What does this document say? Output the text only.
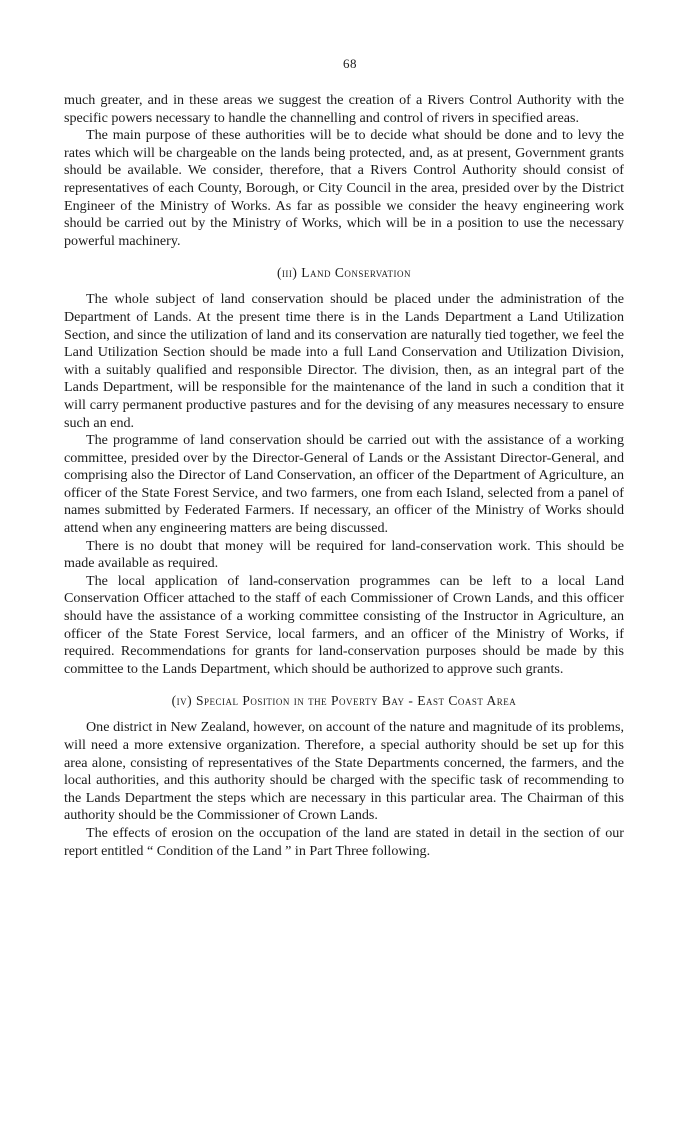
68

much greater, and in these areas we suggest the creation of a Rivers Control Authority with the specific powers necessary to handle the channelling and control of rivers in specified areas.

The main purpose of these authorities will be to decide what should be done and to levy the rates which will be chargeable on the lands being protected, and, as at present, Government grants should be available. We consider, therefore, that a Rivers Control Authority should consist of representatives of each County, Borough, or City Council in the area, presided over by the District Engineer of the Ministry of Works. As far as possible we consider the heavy engineering work should be carried out by the Ministry of Works, which will be in a position to use the necessary powerful machinery.

(iii) Land Conservation

The whole subject of land conservation should be placed under the administration of the Department of Lands. At the present time there is in the Lands Department a Land Utilization Section, and since the utilization of land and its conservation are naturally tied together, we feel the Land Utilization Section should be made into a full Land Conservation and Utilization Division, with a suitably qualified and responsible Director. The division, then, as an integral part of the Lands Department, will be responsible for the maintenance of the land in such a condition that it will carry permanent productive pastures and for the devising of any measures necessary to ensure such an end.

The programme of land conservation should be carried out with the assistance of a working committee, presided over by the Director-General of Lands or the Assistant Director-General, and comprising also the Director of Land Conservation, an officer of the Department of Agriculture, an officer of the State Forest Service, and two farmers, one from each Island, selected from a panel of names submitted by Federated Farmers. If necessary, an officer of the Ministry of Works should attend when any engineering matters are being discussed.

There is no doubt that money will be required for land-conservation work. This should be made available as required.

The local application of land-conservation programmes can be left to a local Land Conservation Officer attached to the staff of each Commissioner of Crown Lands, and this officer should have the assistance of a working committee consisting of the Instructor in Agriculture, an officer of the State Forest Service, local farmers, and an officer of the Ministry of Works, if required. Recommendations for grants for land-conservation purposes should be made by this committee to the Lands Department, which should be authorized to approve such grants.

(iv) Special Position in the Poverty Bay - East Coast Area

One district in New Zealand, however, on account of the nature and magnitude of its problems, will need a more extensive organization. Therefore, a special authority should be set up for this area alone, consisting of representatives of the State Departments concerned, the farmers, and the local authorities, and this authority should be charged with the specific task of recommending to the Lands Department the steps which are necessary in this particular area. The Chairman of this authority should be the Commissioner of Crown Lands.

The effects of erosion on the occupation of the land are stated in detail in the section of our report entitled “ Condition of the Land ” in Part Three following.
